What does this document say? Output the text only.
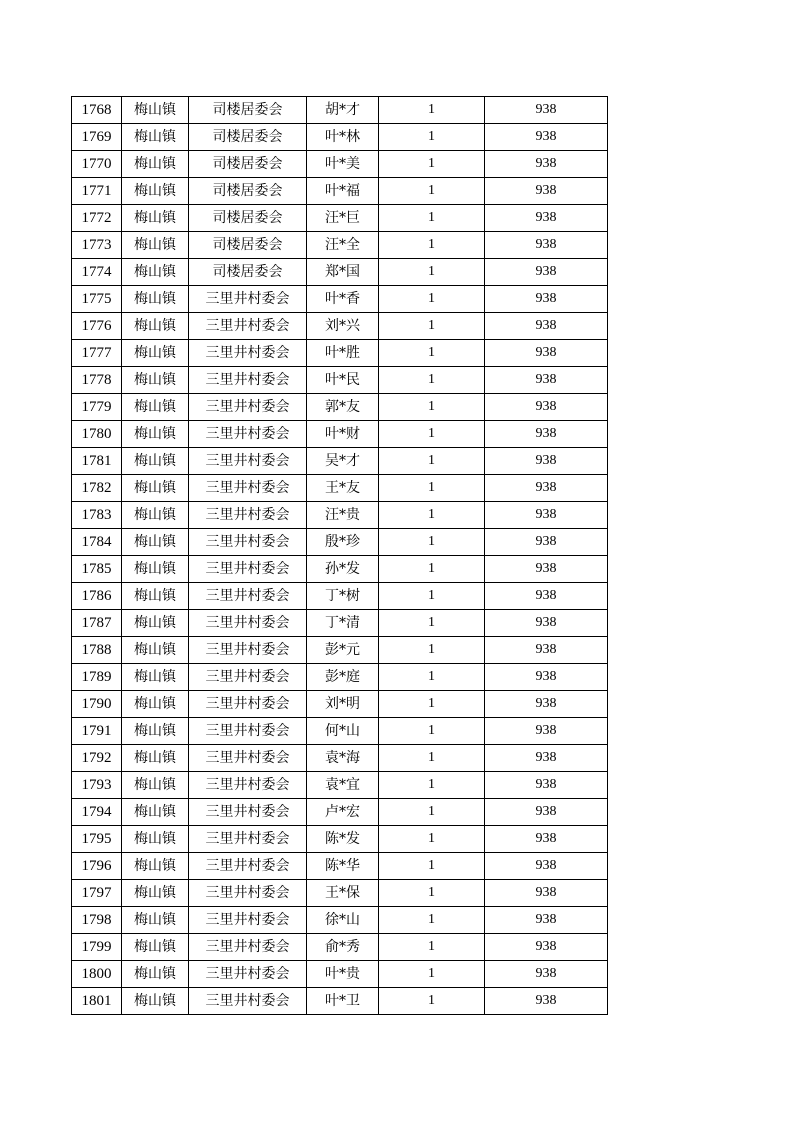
1768	梅山镇	司楼居委会	胡*才	1	938
1769	梅山镇	司楼居委会	叶*林	1	938
1770	梅山镇	司楼居委会	叶*美	1	938
1771	梅山镇	司楼居委会	叶*福	1	938
1772	梅山镇	司楼居委会	汪*巨	1	938
1773	梅山镇	司楼居委会	汪*全	1	938
1774	梅山镇	司楼居委会	郑*国	1	938
1775	梅山镇	三里井村委会	叶*香	1	938
1776	梅山镇	三里井村委会	刘*兴	1	938
1777	梅山镇	三里井村委会	叶*胜	1	938
1778	梅山镇	三里井村委会	叶*民	1	938
1779	梅山镇	三里井村委会	郭*友	1	938
1780	梅山镇	三里井村委会	叶*财	1	938
1781	梅山镇	三里井村委会	吴*才	1	938
1782	梅山镇	三里井村委会	王*友	1	938
1783	梅山镇	三里井村委会	汪*贵	1	938
1784	梅山镇	三里井村委会	殷*珍	1	938
1785	梅山镇	三里井村委会	孙*发	1	938
1786	梅山镇	三里井村委会	丁*树	1	938
1787	梅山镇	三里井村委会	丁*清	1	938
1788	梅山镇	三里井村委会	彭*元	1	938
1789	梅山镇	三里井村委会	彭*庭	1	938
1790	梅山镇	三里井村委会	刘*明	1	938
1791	梅山镇	三里井村委会	何*山	1	938
1792	梅山镇	三里井村委会	袁*海	1	938
1793	梅山镇	三里井村委会	袁*宜	1	938
1794	梅山镇	三里井村委会	卢*宏	1	938
1795	梅山镇	三里井村委会	陈*发	1	938
1796	梅山镇	三里井村委会	陈*华	1	938
1797	梅山镇	三里井村委会	王*保	1	938
1798	梅山镇	三里井村委会	徐*山	1	938
1799	梅山镇	三里井村委会	俞*秀	1	938
1800	梅山镇	三里井村委会	叶*贵	1	938
1801	梅山镇	三里井村委会	叶*卫	1	938
